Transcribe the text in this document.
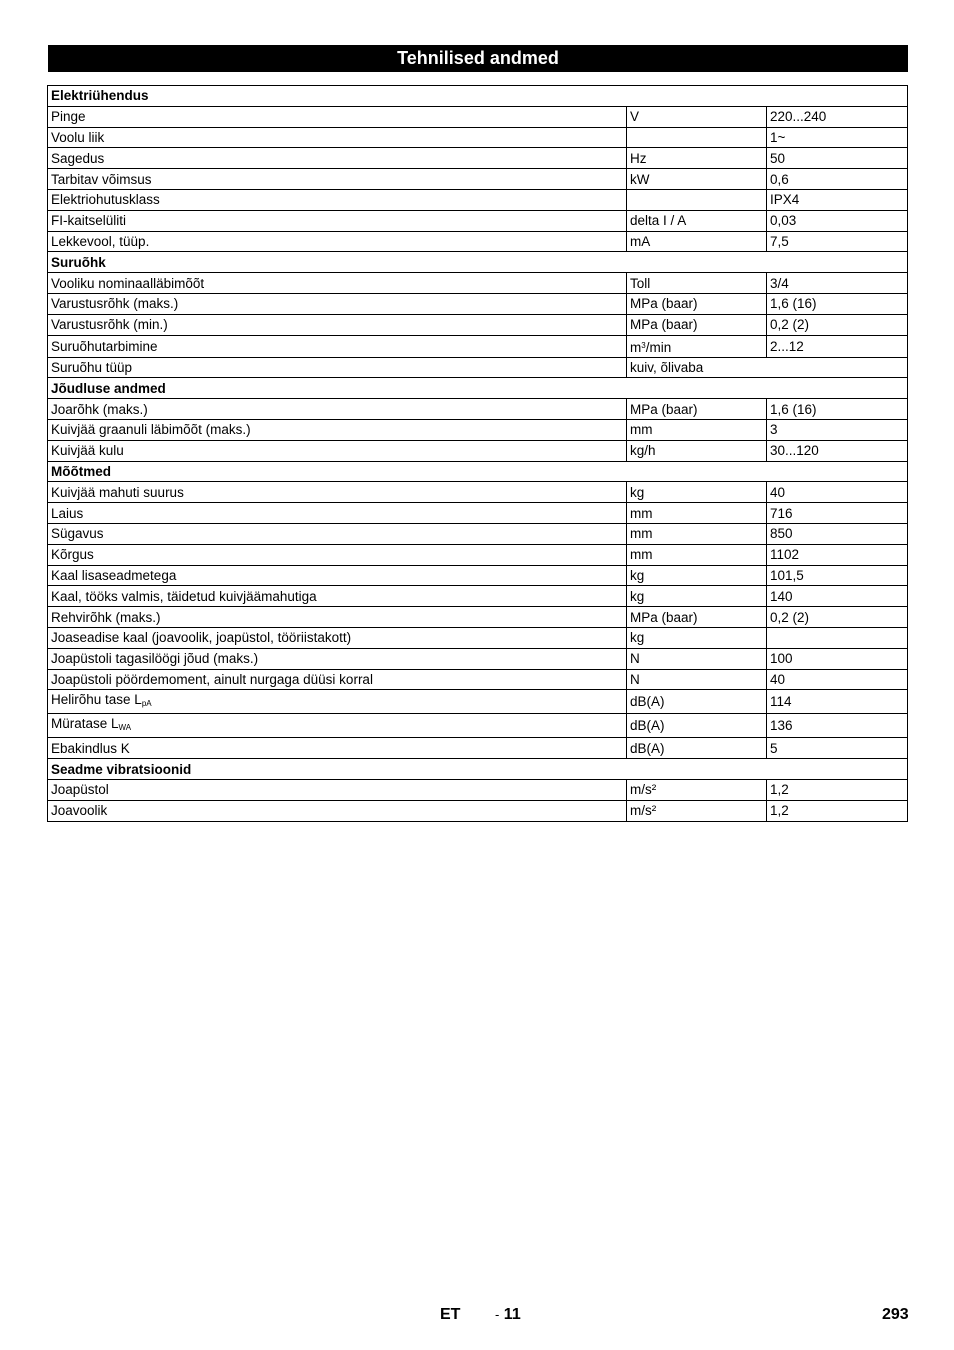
Tehnilised andmed
Elektriühendus		
Pinge	V	220...240
Voolu liik		1~
Sagedus	Hz	50
Tarbitav võimsus	kW	0,6
Elektriohutusklass		IPX4
FI-kaitselüliti	delta I / A	0,03
Lekkevool, tüüp.	mA	7,5
Suruõhk		
Vooliku nominaalläbimõõt	Toll	3/4
Varustusrõhk (maks.)	MPa (baar)	1,6 (16)
Varustusrõhk (min.)	MPa (baar)	0,2 (2)
Suruõhutarbimine	$m^3/\min$	2...12
Suruõhu tüüp	kuiv, õlivaba	
Jõudluse andmed		
Joarõhk (maks.)	MPa (baar)	1,6 (16)
Kuivjää graanuli läbimõõt (maks.)	mm	3
Kuivjää kulu	kg/h	30...120
Mõõtmed		
Kuivjää mahuti suurus	kg	40
Laius	mm	716
Sügavus	mm	850
Kõrgus	mm	1102
Kaal lisaseadmetega	kg	101,5
Kaal, tööks valmis, täidetud kuivjäämahutiga	kg	140
Rehvirõhk (maks.)	MPa (baar)	0,2 (2)
Joaseadise kaal (joavoolik, joapüstol, tööriistakott)	kg	
Joapüstoli tagasilöögi jõud (maks.)	N	100
Joapüstoli pöördemoment, ainult nurgaga düüsi korral	N	40
Helirõhu tase $L_{pA}$	dB(A)	114
Müratase $L_{WA}$	dB(A)	136
Ebakindlus K	dB(A)	5
Seadme vibratsioonid		
Joapüstol	m/s²	1,2
Joavoolik	m/s²	1,2
ET	- 11	293
